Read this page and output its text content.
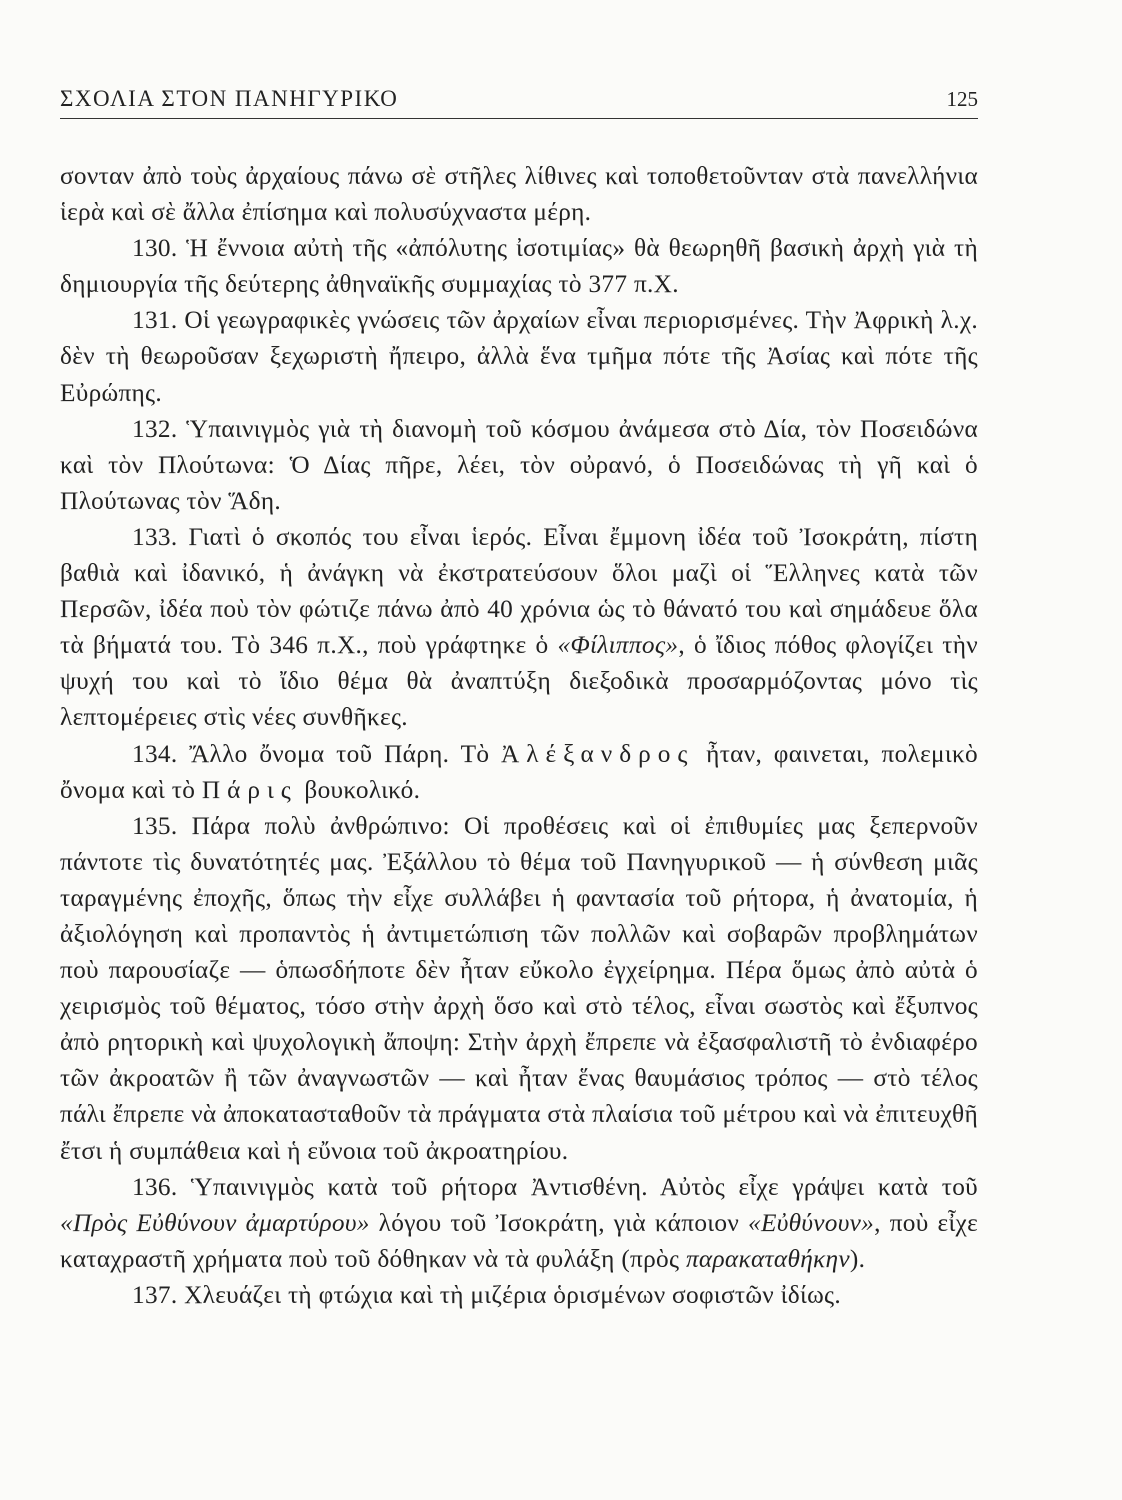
ΣΧΟΛΙΑ ΣΤΟΝ ΠΑΝΗΓΥΡΙΚΟ	125

σονταν ἀπὸ τοὺς ἀρχαίους πάνω σὲ στῆλες λίθινες καὶ τοποθετοῦνταν στὰ πανελλήνια ἱερὰ καὶ σὲ ἄλλα ἐπίσημα καὶ πολυσύχναστα μέρη.

130. Ἡ ἔννοια αὐτὴ τῆς «ἀπόλυτης ἰσοτιμίας» θὰ θεωρηθῆ βασικὴ ἀρχὴ γιὰ τὴ δημιουργία τῆς δεύτερης ἀθηναϊκῆς συμμαχίας τὸ 377 π.Χ.

131. Οἱ γεωγραφικὲς γνώσεις τῶν ἀρχαίων εἶναι περιορισμένες. Τὴν Ἀφρικὴ λ.χ. δὲν τὴ θεωροῦσαν ξεχωριστὴ ἤπειρο, ἀλλὰ ἕνα τμῆμα πότε τῆς Ἀσίας καὶ πότε τῆς Εὐρώπης.

132. Ὑπαινιγμὸς γιὰ τὴ διανομὴ τοῦ κόσμου ἀνάμεσα στὸ Δία, τὸν Ποσειδώνα καὶ τὸν Πλούτωνα: Ὁ Δίας πῆρε, λέει, τὸν οὐρανό, ὁ Ποσειδώνας τὴ γῆ καὶ ὁ Πλούτωνας τὸν Ἅδη.

133. Γιατὶ ὁ σκοπός του εἶναι ἱερός. Εἶναι ἔμμονη ἰδέα τοῦ Ἰσοκράτη, πίστη βαθιὰ καὶ ἰδανικό, ἡ ἀνάγκη νὰ ἐκστρατεύσουν ὅλοι μαζὶ οἱ Ἕλληνες κατὰ τῶν Περσῶν, ἰδέα ποὺ τὸν φώτιζε πάνω ἀπὸ 40 χρόνια ὡς τὸ θάνατό του καὶ σημάδευε ὅλα τὰ βήματά του. Τὸ 346 π.Χ., ποὺ γράφτηκε ὁ «Φίλιππος», ὁ ἴδιος πόθος φλογίζει τὴν ψυχή του καὶ τὸ ἴδιο θέμα θὰ ἀναπτύξη διεξοδικὰ προσαρμόζοντας μόνο τὶς λεπτομέρειες στὶς νέες συνθῆκες.

134. Ἄλλο ὄνομα τοῦ Πάρη. Τὸ Ἀλέξανδρος ἦταν, φαινεται, πολεμικὸ ὄνομα καὶ τὸ Πάρις βουκολικό.

135. Πάρα πολὺ ἀνθρώπινο: Οἱ προθέσεις καὶ οἱ ἐπιθυμίες μας ξεπερνοῦν πάντοτε τὶς δυνατότητές μας. Ἐξάλλου τὸ θέμα τοῦ Πανηγυρικοῦ — ἡ σύνθεση μιᾶς ταραγμένης ἐποχῆς, ὅπως τὴν εἶχε συλλάβει ἡ φαντασία τοῦ ρήτορα, ἡ ἀνατομία, ἡ ἀξιολόγηση καὶ προπαντὸς ἡ ἀντιμετώπιση τῶν πολλῶν καὶ σοβαρῶν προβλημάτων ποὺ παρουσίαζε — ὁπωσδήποτε δὲν ἦταν εὔκολο ἐγχείρημα. Πέρα ὅμως ἀπὸ αὐτὰ ὁ χειρισμὸς τοῦ θέματος, τόσο στὴν ἀρχὴ ὅσο καὶ στὸ τέλος, εἶναι σωστὸς καὶ ἔξυπνος ἀπὸ ρητορικὴ καὶ ψυχολογικὴ ἄποψη: Στὴν ἀρχὴ ἔπρεπε νὰ ἐξασφαλιστῆ τὸ ἐνδιαφέρο τῶν ἀκροατῶν ἢ τῶν ἀναγνωστῶν — καὶ ἦταν ἕνας θαυμάσιος τρόπος — στὸ τέλος πάλι ἔπρεπε νὰ ἀποκατασταθοῦν τὰ πράγματα στὰ πλαίσια τοῦ μέτρου καὶ νὰ ἐπιτευχθῆ ἔτσι ἡ συμπάθεια καὶ ἡ εὔνοια τοῦ ἀκροατηρίου.

136. Ὑπαινιγμὸς κατὰ τοῦ ρήτορα Ἀντισθένη. Αὐτὸς εἶχε γράψει κατὰ τοῦ «Πρὸς Εὐθύνουν ἀμαρτύρου» λόγου τοῦ Ἰσοκράτη, γιὰ κάποιον «Εὐθύνουν», ποὺ εἶχε καταχραστῆ χρήματα ποὺ τοῦ δόθηκαν νὰ τὰ φυλάξη (πρὸς παρακαταθήκην).

137. Χλευάζει τὴ φτώχια καὶ τὴ μιζέρια ὁρισμένων σοφιστῶν ἰδίως.
